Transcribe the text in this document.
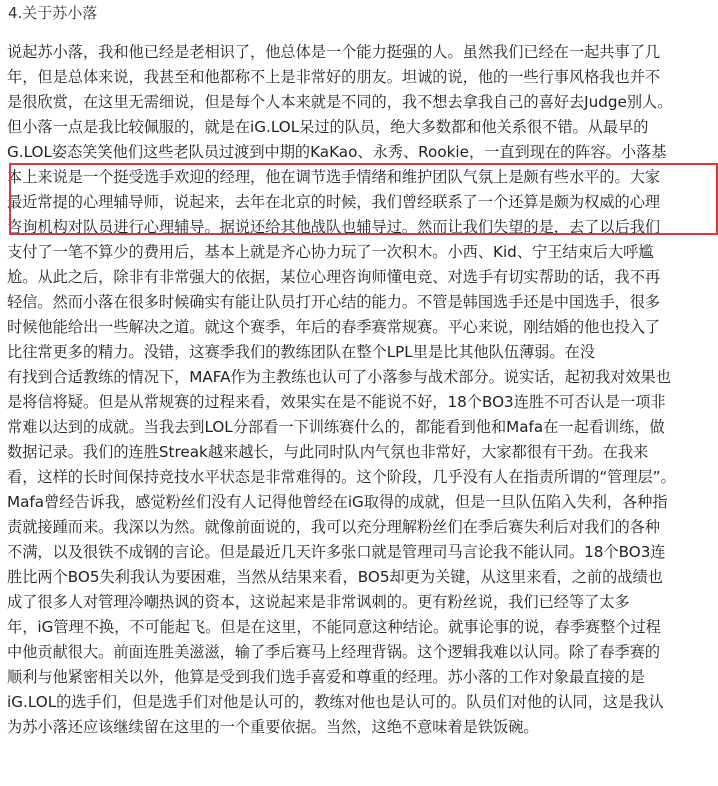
4.关于苏小落
说起苏小落，我和他已经是老相识了，他总体是一个能力挺强的人。虽然我们已经在一起共事了几
年，但是总体来说，我甚至和他都称不上是非常好的朋友。坦诚的说，他的一些行事风格我也并不
是很欣赏，在这里无需细说，但是每个人本来就是不同的，我不想去拿我自己的喜好去Judge别人。
但小落一点是我比较佩服的，就是在iG.LOL呆过的队员，绝大多数都和他关系很不错。从最早的
G.LOL姿态笑笑他们这些老队员过渡到中期的KaKao、永秀、Rookie，一直到现在的阵容。小落基
本上来说是一个挺受选手欢迎的经理，他在调节选手情绪和维护团队气氛上是颇有些水平的。大家
最近常提的心理辅导师，说起来，去年在北京的时候，我们曾经联系了一个还算是颇为权威的心理
咨询机构对队员进行心理辅导。据说还给其他战队也辅导过。然而让我们失望的是，去了以后我们
支付了一笔不算少的费用后，基本上就是齐心协力玩了一次积木。小西、Kid、宁王结束后大呼尴
尬。从此之后，除非有非常强大的依据，某位心理咨询师懂电竞、对选手有切实帮助的话，我不再
轻信。然而小落在很多时候确实有能让队员打开心结的能力。不管是韩国选手还是中国选手，很多
时候他能给出一些解决之道。就这个赛季，年后的春季赛常规赛。平心来说，刚结婚的他也投入了
比往常更多的精力。没错，这赛季我们的教练团队在整个LPL里是比其他队伍薄弱。在没
有找到合适教练的情况下，MAFA作为主教练也认可了小落参与战术部分。说实话，起初我对效果也
是将信将疑。但是从常规赛的过程来看，效果实在是不能说不好，18个BO3连胜不可否认是一项非
常难以达到的成就。当我去到LOL分部看一下训练赛什么的，都能看到他和Mafa在一起看训练，做
数据记录。我们的连胜Streak越来越长，与此同时队内气氛也非常好，大家都很有干劲。在我来
看，这样的长时间保持竞技水平状态是非常难得的。这个阶段，几乎没有人在指责所谓的“管理层”。
Mafa曾经告诉我，感觉粉丝们没有人记得他曾经在iG取得的成就，但是一旦队伍陷入失利，各种指
责就接踵而来。我深以为然。就像前面说的，我可以充分理解粉丝们在季后赛失利后对我们的各种
不满，以及很铁不成钢的言论。但是最近几天许多张口就是管理司马言论我不能认同。18个BO3连
胜比两个BO5失利我认为要困难，当然从结果来看，BO5却更为关键，从这里来看，之前的战绩也
成了很多人对管理冷嘲热讽的资本，这说起来是非常讽刺的。更有粉丝说，我们已经等了太多
年，iG管理不换，不可能起飞。但是在这里，不能同意这种结论。就事论事的说，春季赛整个过程
中他贡献很大。前面连胜美滋滋，输了季后赛马上经理背锅。这个逻辑我难以认同。除了春季赛的
顺利与他紧密相关以外，他算是受到我们选手喜爱和尊重的经理。苏小落的工作对象最直接的是
iG.LOL的选手们，但是选手们对他是认可的，教练对他也是认可的。队员们对他的认同，这是我认
为苏小落还应该继续留在这里的一个重要依据。当然，这绝不意味着是铁饭碗。
